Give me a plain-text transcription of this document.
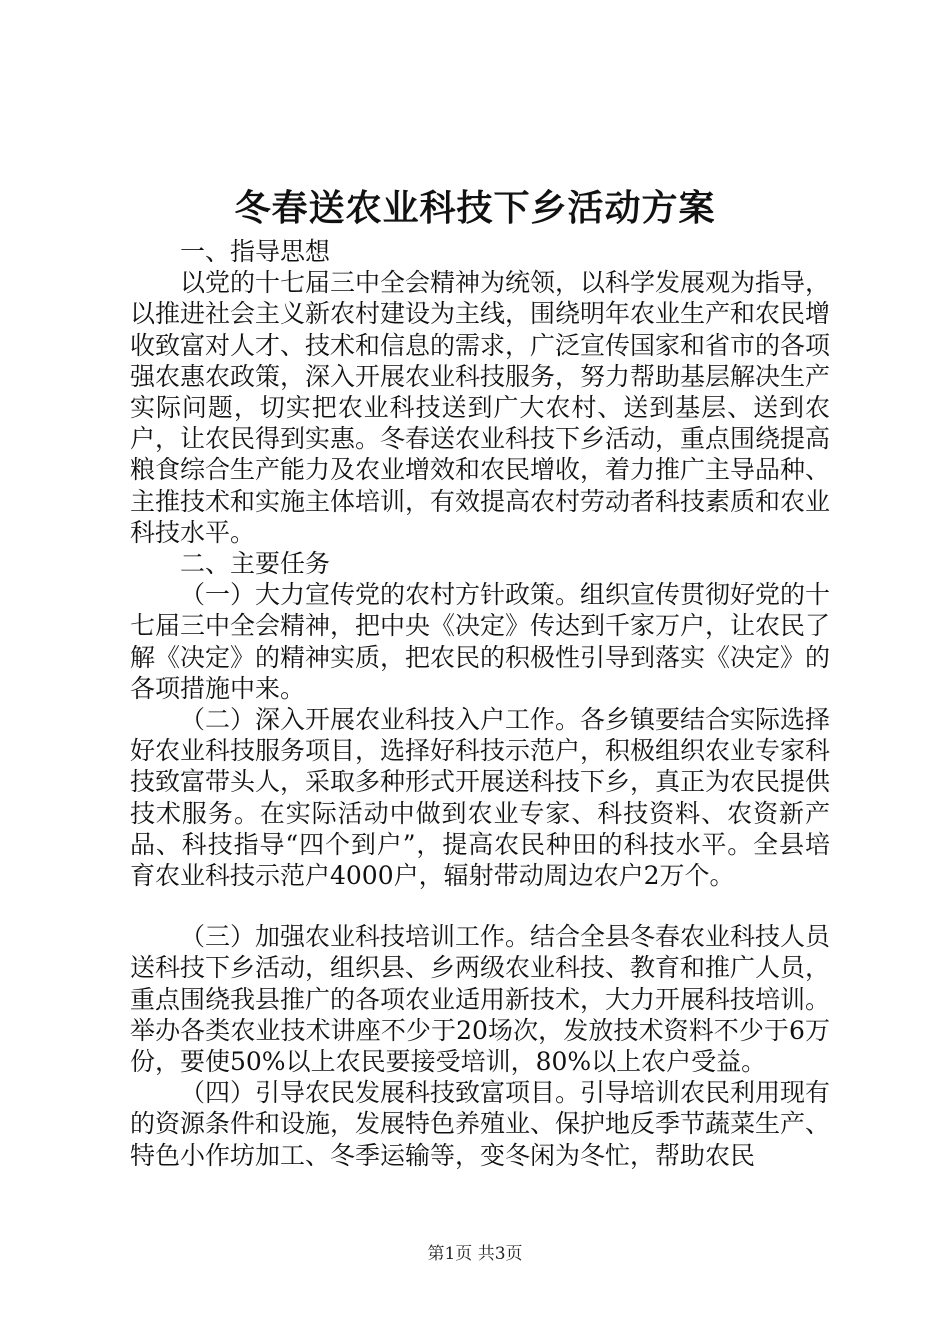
冬春送农业科技下乡活动方案

一、指导思想

以党的十七届三中全会精神为统领，以科学发展观为指导，以推进社会主义新农村建设为主线，围绕明年农业生产和农民增收致富对人才、技术和信息的需求，广泛宣传国家和省市的各项强农惠农政策，深入开展农业科技服务，努力帮助基层解决生产实际问题，切实把农业科技送到广大农村、送到基层、送到农户，让农民得到实惠。冬春送农业科技下乡活动，重点围绕提高粮食综合生产能力及农业增效和农民增收，着力推广主导品种、主推技术和实施主体培训，有效提高农村劳动者科技素质和农业科技水平。

二、主要任务

（一）大力宣传党的农村方针政策。组织宣传贯彻好党的十七届三中全会精神，把中央《决定》传达到千家万户，让农民了解《决定》的精神实质，把农民的积极性引导到落实《决定》的各项措施中来。

（二）深入开展农业科技入户工作。各乡镇要结合实际选择好农业科技服务项目，选择好科技示范户，积极组织农业专家科技致富带头人，采取多种形式开展送科技下乡，真正为农民提供技术服务。在实际活动中做到农业专家、科技资料、农资新产品、科技指导“四个到户”，提高农民种田的科技水平。全县培育农业科技示范户4000户，辐射带动周边农户2万个。

（三）加强农业科技培训工作。结合全县冬春农业科技人员送科技下乡活动，组织县、乡两级农业科技、教育和推广人员，重点围绕我县推广的各项农业适用新技术，大力开展科技培训。举办各类农业技术讲座不少于20场次，发放技术资料不少于6万份，要使50%以上农民要接受培训，80%以上农户受益。

（四）引导农民发展科技致富项目。引导培训农民利用现有的资源条件和设施，发展特色养殖业、保护地反季节蔬菜生产、特色小作坊加工、冬季运输等，变冬闲为冬忙，帮助农民

第1页 共3页
